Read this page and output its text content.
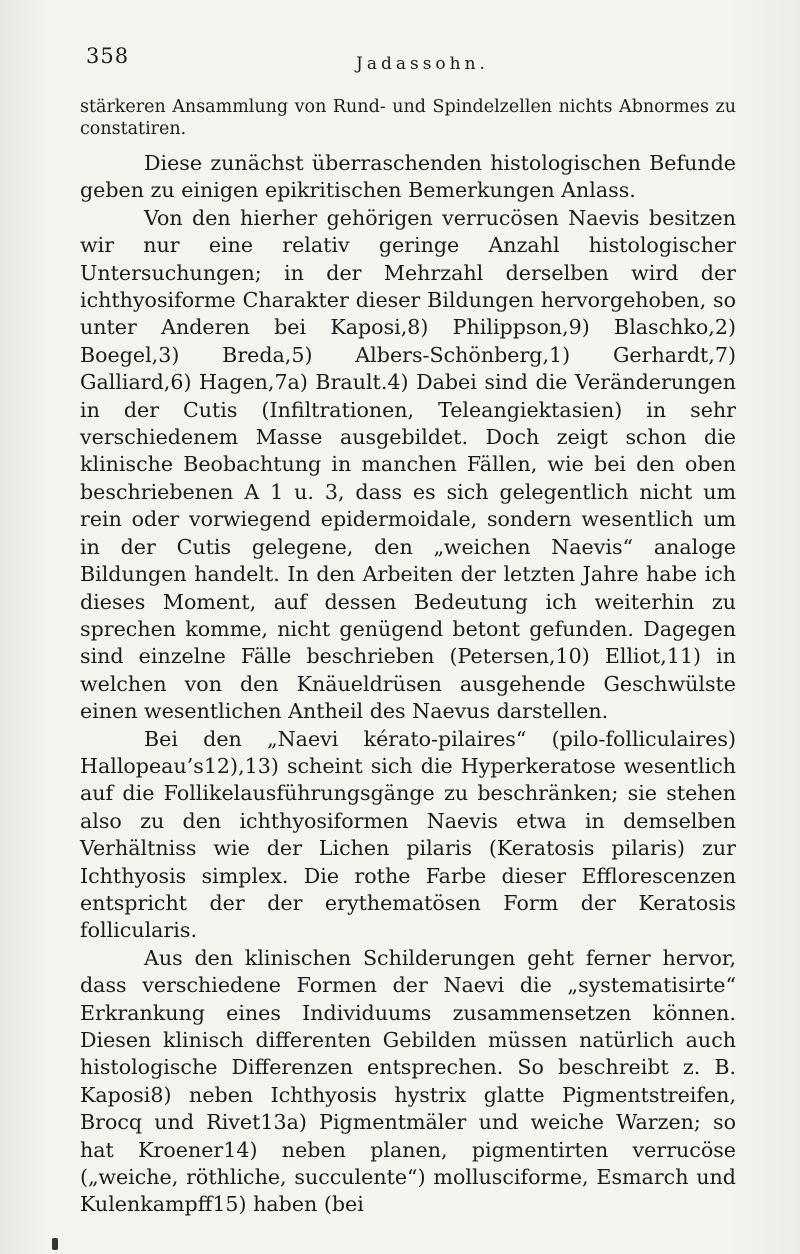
358	Jadassohn.

stärkeren Ansammlung von Rund- und Spindelzellen nichts Abnormes zu constatiren.

Diese zunächst überraschenden histologischen Befunde geben zu einigen epikritischen Bemerkungen Anlass.

Von den hierher gehörigen verrucösen Naevis besitzen wir nur eine relativ geringe Anzahl histologischer Untersuchungen; in der Mehrzahl derselben wird der ichthyosiforme Charakter dieser Bildungen hervorgehoben, so unter Anderen bei Kaposi,8) Philippson,9) Blaschko,2) Boegel,3) Breda,5) Albers-Schönberg,1) Gerhardt,7) Galliard,6) Hagen,7a) Brault.4) Dabei sind die Veränderungen in der Cutis (Infiltrationen, Teleangiektasien) in sehr verschiedenem Masse ausgebildet. Doch zeigt schon die klinische Beobachtung in manchen Fällen, wie bei den oben beschriebenen A 1 u. 3, dass es sich gelegentlich nicht um rein oder vorwiegend epidermoidale, sondern wesentlich um in der Cutis gelegene, den „weichen Naevis“ analoge Bildungen handelt. In den Arbeiten der letzten Jahre habe ich dieses Moment, auf dessen Bedeutung ich weiterhin zu sprechen komme, nicht genügend betont gefunden. Dagegen sind einzelne Fälle beschrieben (Petersen,10) Elliot,11) in welchen von den Knäueldrüsen ausgehende Geschwülste einen wesentlichen Antheil des Naevus darstellen.

Bei den „Naevi kérato-pilaires“ (pilo-folliculaires) Hallopeau’s12),13) scheint sich die Hyperkeratose wesentlich auf die Follikelausführungsgänge zu beschränken; sie stehen also zu den ichthyosiformen Naevis etwa in demselben Verhältniss wie der Lichen pilaris (Keratosis pilaris) zur Ichthyosis simplex. Die rothe Farbe dieser Efflorescenzen entspricht der der erythematösen Form der Keratosis follicularis.

Aus den klinischen Schilderungen geht ferner hervor, dass verschiedene Formen der Naevi die „systematisirte“ Erkrankung eines Individuums zusammensetzen können. Diesen klinisch differenten Gebilden müssen natürlich auch histologische Differenzen entsprechen. So beschreibt z. B. Kaposi8) neben Ichthyosis hystrix glatte Pigmentstreifen, Brocq und Rivet13a) Pigmentmäler und weiche Warzen; so hat Kroener14) neben planen, pigmentirten verrucöse („weiche, röthliche, succulente“) mollusciforme, Esmarch und Kulenkampff15) haben (bei
